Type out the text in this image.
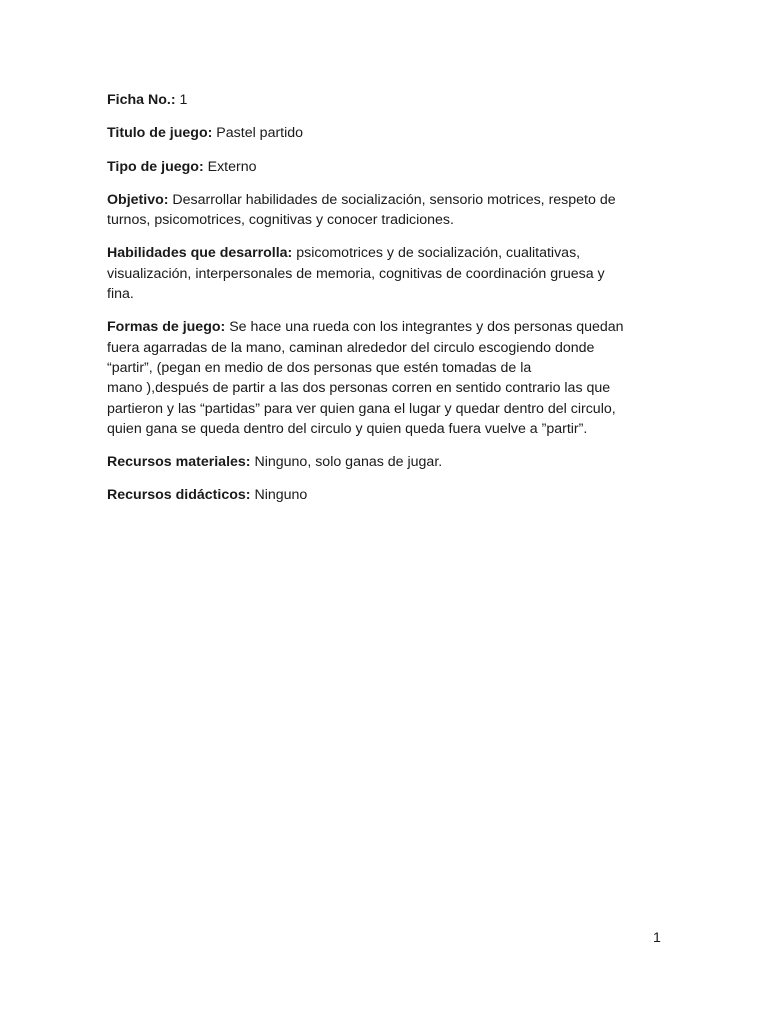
Ficha No.: 1

Titulo de juego: Pastel partido

Tipo de juego: Externo

Objetivo: Desarrollar habilidades de socialización, sensorio motrices, respeto de
turnos, psicomotrices, cognitivas y conocer tradiciones.

Habilidades que desarrolla: psicomotrices y de socialización, cualitativas,
visualización, interpersonales de memoria, cognitivas de coordinación gruesa y
fina.

Formas de juego: Se hace una rueda con los integrantes y dos personas quedan
fuera agarradas de la mano, caminan alrededor del circulo escogiendo donde
“partir”, (pegan en medio de dos personas que estén tomadas de la
mano ),después de partir a las dos personas corren en sentido contrario las que
partieron y las “partidas” para ver quien gana el lugar y quedar dentro del circulo,
quien gana se queda dentro del circulo y quien queda fuera vuelve a ”partir”.

Recursos materiales: Ninguno, solo ganas de jugar.

Recursos didácticos: Ninguno

1
